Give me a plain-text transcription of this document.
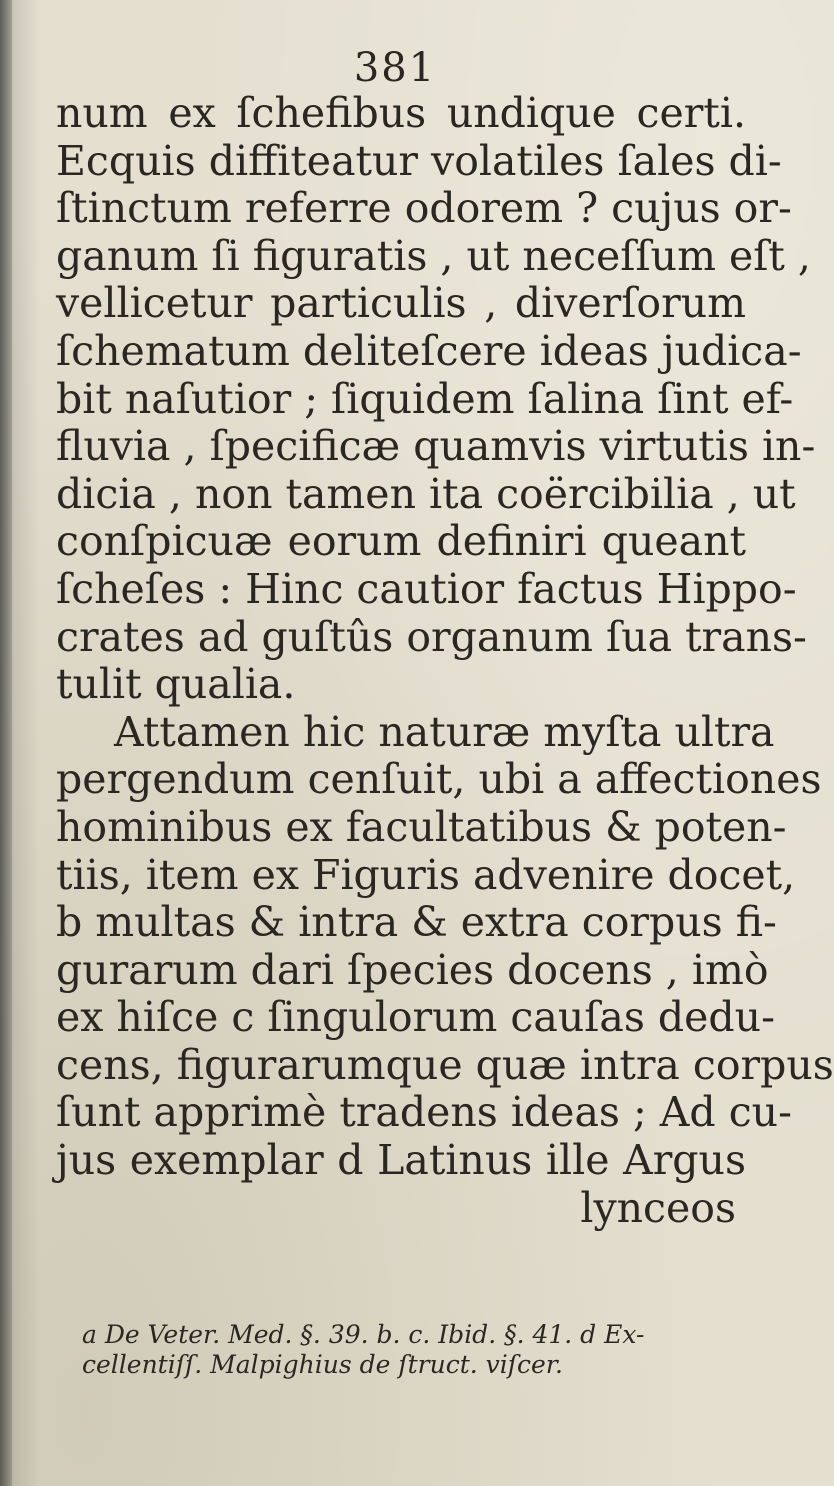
381
num ex ſchefibus undique certi.
Ecquis diffiteatur volatiles ſales di-
ſtinctum referre odorem ? cujus or-
ganum ſi figuratis , ut neceſſum eſt ,
vellicetur particulis , diverſorum
ſchematum deliteſcere ideas judica-
bit naſutior ; ſiquidem ſalina ſint ef-
fluvia , ſpecificæ quamvis virtutis in-
dicia , non tamen ita coërcibilia , ut
conſpicuæ eorum definiri queant
ſcheſes : Hinc cautior factus Hippo-
crates ad guſtûs organum ſua trans-
tulit qualia.
Attamen hic naturæ myſta ultra
pergendum cenſuit, ubi a affectiones
hominibus ex facultatibus & poten-
tiis, item ex Figuris advenire docet,
b multas & intra & extra corpus fi-
gurarum dari ſpecies docens , imò
ex hiſce c ſingulorum cauſas dedu-
cens, figurarumque quæ intra corpus
ſunt apprimè tradens ideas ; Ad cu-
jus exemplar d Latinus ille Argus
lynceos
a De Veter. Med. §. 39. b. c. Ibid. §. 41. d Ex-
cellentiſſ. Malpighius de ſtruct. viſcer.
